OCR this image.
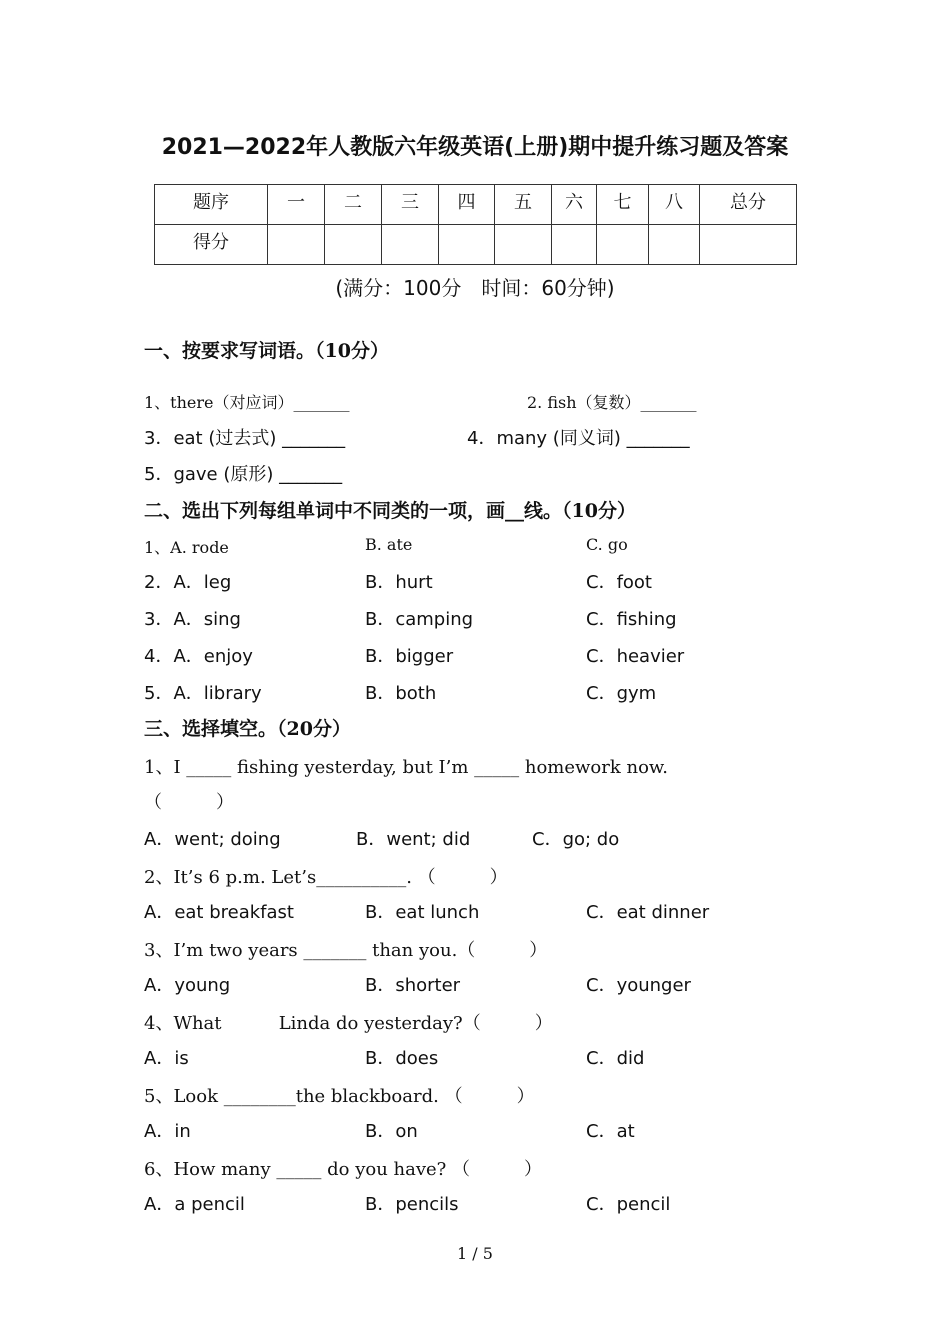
2021—2022年人教版六年级英语(上册)期中提升练习题及答案
题序	一	二	三	四	五	六	七	八	总分
得分									
(满分：100分　时间：60分钟)
一、按要求写词语。（10分）
1、there（对应词）_______	2. fish（复数）_______
3．eat (过去式) _______	4．many (同义词) _______
5．gave (原形) _______
二、选出下列每组单词中不同类的一项，画__线。（10分）
1、A. rode	B. ate	C. go
2．A．leg	B．hurt	C．foot
3．A．sing	B．camping	C．fishing
4．A．enjoy	B．bigger	C．heavier
5．A．library	B．both	C．gym
三、选择填空。（20分）
1、I _____ fishing yesterday, but I’m _____ homework now.
（　　　）
A．went; doing	B．went; did	C．go; do
2、It’s 6 p.m. Let’s__________. （　　　）
A．eat breakfast	B．eat lunch	C．eat dinner
3、I’m two years _______ than you.（　　　）
A．young	B．shorter	C．younger
4、What          Linda do yesterday?（　　　）
A．is	B．does	C．did
5、Look ________the blackboard. （　　　）
A．in	B．on	C．at
6、How many _____ do you have? （　　　）
A．a pencil	B．pencils	C．pencil
1 / 5
